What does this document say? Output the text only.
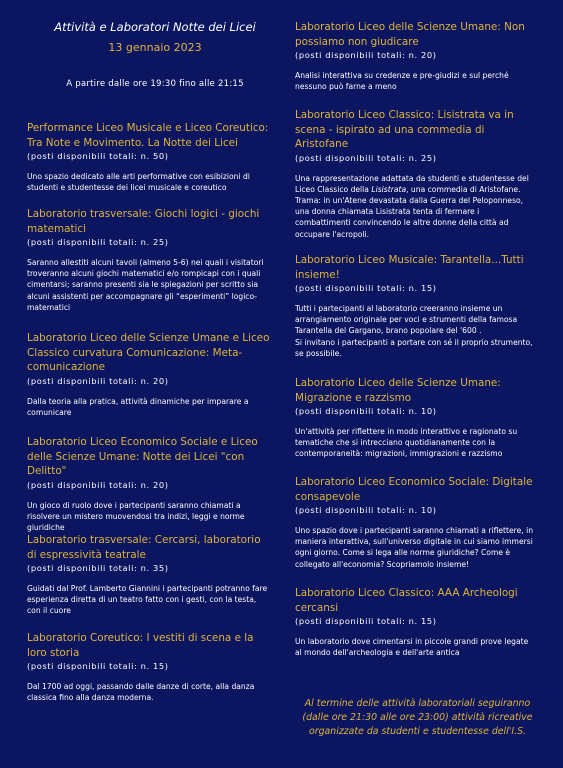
Attività e Laboratori Notte dei Licei
13 gennaio 2023
A partire dalle ore 19:30 fino alle 21:15
Performance Liceo Musicale e Liceo Coreutico: Tra Note e Movimento. La Notte dei Licei
(posti disponibili totali: n. 50)
Uno spazio dedicato alle arti performative con esibizioni di studenti e studentesse dei licei musicale e coreutico
Laboratorio trasversale: Giochi logici - giochi matematici
(posti disponibili totali: n. 25)
Saranno allestiti alcuni tavoli (almeno 5-6) nei quali i visitatori troveranno alcuni giochi matematici e/o rompicapi con i quali cimentarsi; saranno presenti sia le spiegazioni per scritto sia alcuni assistenti per accompagnare gli “esperimenti” logico-matematici
Laboratorio Liceo delle Scienze Umane e Liceo Classico curvatura Comunicazione: Meta-comunicazione
(posti disponibili totali: n. 20)
Dalla teoria alla pratica, attività dinamiche per imparare a comunicare
Laboratorio Liceo Economico Sociale e Liceo delle Scienze Umane: Notte dei Licei "con Delitto"
(posti disponibili totali: n. 20)
Un gioco di ruolo dove i partecipanti saranno chiamati a risolvere un mistero muovendosi tra indizi, leggi e norme giuridiche
Laboratorio trasversale: Cercarsi, laboratorio di espressività teatrale
(posti disponibili totali: n. 35)
Guidati dal Prof. Lamberto Giannini i partecipanti potranno fare esperienza diretta di un teatro fatto con i gesti, con la testa, con il cuore
Laboratorio Coreutico: I vestiti di scena e la loro storia
(posti disponibili totali: n. 15)
Dal 1700 ad oggi, passando dalle danze di corte, alla danza classica fino alla danza moderna.
Laboratorio Liceo delle Scienze Umane: Non possiamo non giudicare
(posti disponibili totali: n. 20)
Analisi interattiva su credenze e pre-giudizi e sul perché nessuno può farne a meno
Laboratorio Liceo Classico: Lisistrata va in scena - ispirato ad una commedia di Aristofane
(posti disponibili totali: n. 25)
Una rappresentazione adattata da studenti e studentesse del Liceo Classico della Lisistrata, una commedia di Aristofane.
Trama: in un'Atene devastata dalla Guerra del Peloponneso, una donna chiamata Lisistrata tenta di fermare i combattimenti convincendo le altre donne della città ad occupare l'acropoli.
Laboratorio Liceo Musicale: Tarantella...Tutti insieme!
(posti disponibili totali: n. 15)
Tutti i partecipanti al laboratorio creeranno insieme un arrangiamento originale per voci e strumenti della famosa Tarantella del Gargano, brano popolare del '600 .
Si invitano i partecipanti a portare con sé il proprio strumento, se possibile.
Laboratorio Liceo delle Scienze Umane: Migrazione e razzismo
(posti disponibili totali: n. 10)
Un'attività per riflettere in modo interattivo e ragionato su tematiche che si intrecciano quotidianamente con la contemporaneità: migrazioni, immigrazioni e razzismo
Laboratorio Liceo Economico Sociale: Digitale consapevole
(posti disponibili totali: n. 10)
Uno spazio dove i partecipanti saranno chiamati a riflettere, in maniera interattiva, sull'universo digitale in cui siamo immersi ogni giorno. Come si lega alle norme giuridiche? Come è collegato all'economia? Scopriamolo insieme!
Laboratorio Liceo Classico: AAA Archeologi cercansi
(posti disponibili totali: n. 15)
Un laboratorio dove cimentarsi in piccole grandi prove legate al mondo dell'archeologia e dell'arte antica
Al termine delle attività laboratoriali seguiranno (dalle ore 21:30 alle ore 23:00) attività ricreative organizzate da studenti e studentesse dell'I.S.
